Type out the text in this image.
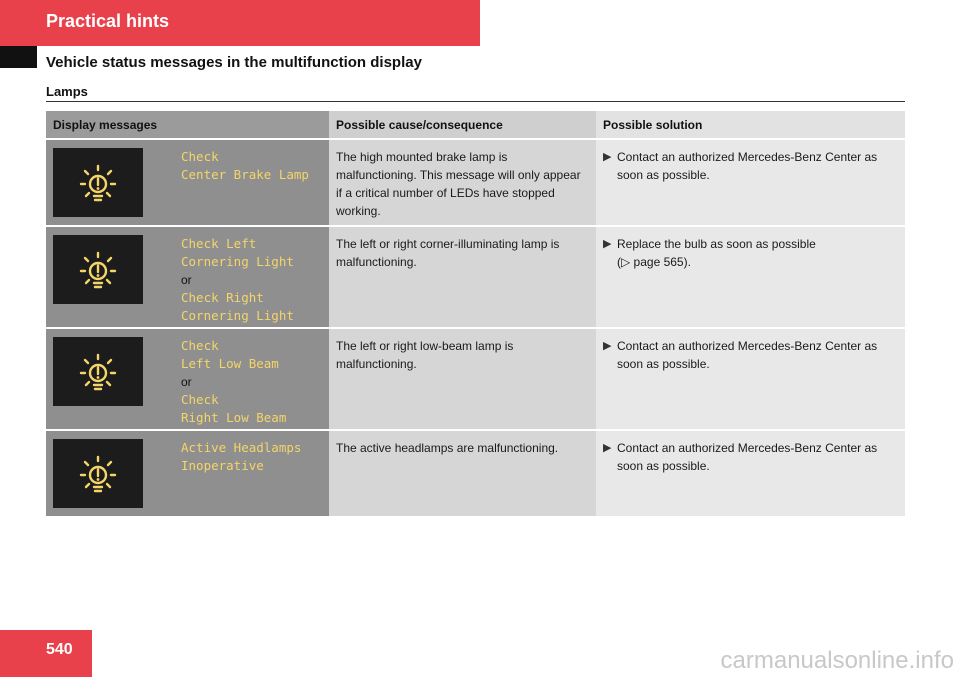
Practical hints
Vehicle status messages in the multifunction display
Lamps
Display messages	Possible cause/consequence	Possible solution

Check
Center Brake Lamp	The high mounted brake lamp is malfunctioning. This message will only appear if a critical number of LEDs have stopped working.	▶ Contact an authorized Mercedes-Benz Center as soon as possible.

Check Left
Cornering Light
or
Check Right
Cornering Light	The left or right corner-illuminating lamp is malfunctioning.	▶ Replace the bulb as soon as possible
(▷ page 565).

Check
Left Low Beam
or
Check
Right Low Beam	The left or right low-beam lamp is malfunctioning.	▶ Contact an authorized Mercedes-Benz Center as soon as possible.

Active Headlamps
Inoperative	The active headlamps are malfunctioning.	▶ Contact an authorized Mercedes-Benz Center as soon as possible.
540	carmanualsonline.info
